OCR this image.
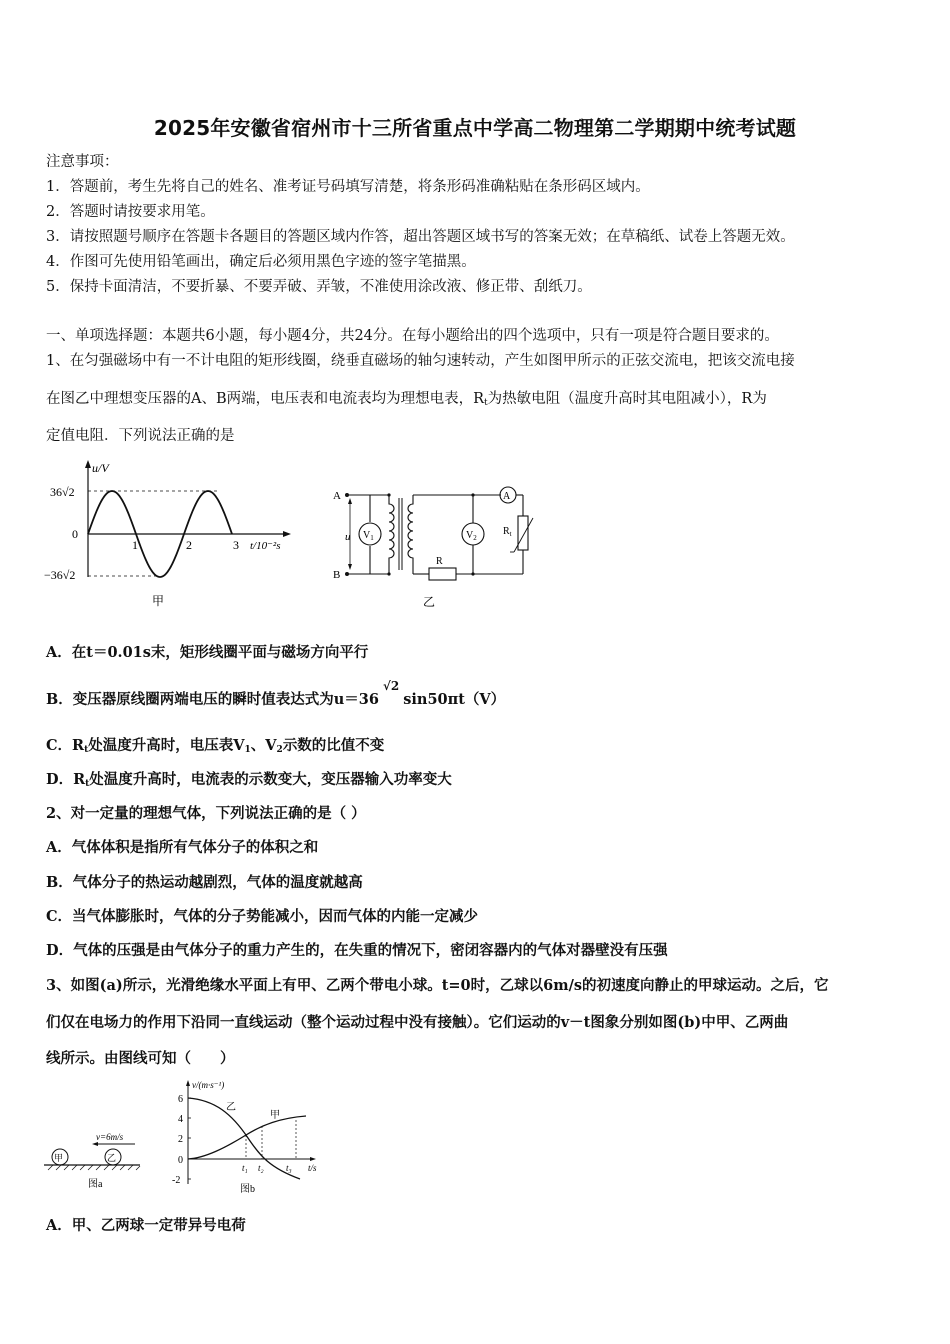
2025年安徽省宿州市十三所省重点中学高二物理第二学期期中统考试题
注意事项：
1．答题前，考生先将自己的姓名、准考证号码填写清楚，将条形码准确粘贴在条形码区域内。
2．答题时请按要求用笔。
3．请按照题号顺序在答题卡各题目的答题区域内作答，超出答题区域书写的答案无效；在草稿纸、试卷上答题无效。
4．作图可先使用铅笔画出，确定后必须用黑色字迹的签字笔描黑。
5．保持卡面清洁，不要折暴、不要弄破、弄皱，不准使用涂改液、修正带、刮纸刀。
一、单项选择题：本题共6小题，每小题4分，共24分。在每小题给出的四个选项中，只有一项是符合题目要求的。
1、在匀强磁场中有一不计电阻的矩形线圈，绕垂直磁场的轴匀速转动，产生如图甲所示的正弦交流电，把该交流电接
在图乙中理想变压器的A、B两端，电压表和电流表均为理想电表，$R_t$为热敏电阻（温度升高时其电阻减小），R为
定值电阻．下列说法正确的是
u/V
36√2
−36√2
0
1	2	3 t/10⁻²s
甲
A
B
u $V_1$
A
$R_t$
R
$V_2$
乙
A．在t＝0.01s末，矩形线圈平面与磁场方向平行
B．变压器原线圈两端电压的瞬时值表达式为$u=36^{√2}\sin 50\pi t(V)$
C．$R_t$处温度升高时，电压表$V_1$、$V_2$示数的比值不变
D．$R_t$处温度升高时，电流表的示数变大，变压器输入功率变大
2、对一定量的理想气体，下列说法正确的是（ ）
A．气体体积是指所有气体分子的体积之和
B．气体分子的热运动越剧烈，气体的温度就越高
C．当气体膨胀时，气体的分子势能减小，因而气体的内能一定减少
D．气体的压强是由气体分子的重力产生的，在失重的情况下，密闭容器内的气体对器壁没有压强
3、如图(a)所示，光滑绝缘水平面上有甲、乙两个带电小球。t=0时，乙球以6m/s的初速度向静止的甲球运动。之后，它
们仅在电场力的作用下沿同一直线运动（整个运动过程中没有接触）。它们运动的v－t图象分别如图(b)中甲、乙两曲
线所示。由图线可知（　　）
甲	乙
v=6m/s
图a
6
4
2
0
-2
v/(m·s⁻¹)
t/s
t₁ t₂ t₃
乙
甲
图b
A．甲、乙两球一定带异号电荷
